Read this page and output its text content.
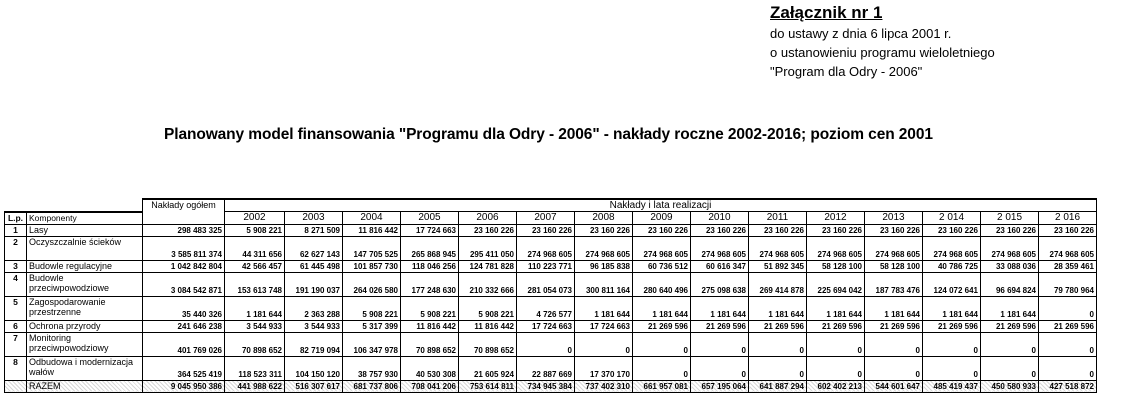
Załącznik nr 1
do ustawy z dnia 6 lipca 2001 r.
o ustanowieniu programu wieloletniego
"Program dla Odry - 2006"
Planowany model finansowania "Programu dla Odry - 2006" - nakłady roczne 2002-2016; poziom cen 2001
		Nakłady ogółem	Nakłady i lata realizacji														
L.p.	Komponenty		2002	2003	2004	2005	2006	2007	2008	2009	2010	2011	2012	2013	2 014	2 015	2 016
1	Lasy	298 483 325	5 908 221	8 271 509	11 816 442	17 724 663	23 160 226	23 160 226	23 160 226	23 160 226	23 160 226	23 160 226	23 160 226	23 160 226	23 160 226	23 160 226	23 160 226
2	Oczyszczalnie ścieków	3 585 811 374	44 311 656	62 627 143	147 705 525	265 868 945	295 411 050	274 968 605	274 968 605	274 968 605	274 968 605	274 968 605	274 968 605	274 968 605	274 968 605	274 968 605	274 968 605
3	Budowle regulacyjne	1 042 842 804	42 566 457	61 445 498	101 857 730	118 046 256	124 781 828	110 223 771	96 185 838	60 736 512	60 616 347	51 892 345	58 128 100	58 128 100	40 786 725	33 088 036	28 359 461
4	Budowle przeciwpowodziowe	3 084 542 871	153 613 748	191 190 037	264 026 580	177 248 630	210 332 666	281 054 073	300 811 164	280 640 496	275 098 638	269 414 878	225 694 042	187 783 476	124 072 641	96 694 824	79 780 964
5	Zagospodarowanie przestrzenne	35 440 326	1 181 644	2 363 288	5 908 221	5 908 221	5 908 221	4 726 577	1 181 644	1 181 644	1 181 644	1 181 644	1 181 644	1 181 644	1 181 644	1 181 644	0
6	Ochrona przyrody	241 646 238	3 544 933	3 544 933	5 317 399	11 816 442	11 816 442	17 724 663	17 724 663	21 269 596	21 269 596	21 269 596	21 269 596	21 269 596	21 269 596	21 269 596	21 269 596
7	Monitoring przeciwpowodziowy	401 769 026	70 898 652	82 719 094	106 347 978	70 898 652	70 898 652	0	0	0	0	0	0	0	0	0	0
8	Odbudowa i modernizacja wałów	364 525 419	118 523 311	104 150 120	38 757 930	40 530 308	21 605 924	22 887 669	17 370 170	0	0	0	0	0	0	0	0
	RAZEM	9 045 950 386	441 988 622	516 307 617	681 737 806	708 041 206	753 614 811	734 945 384	737 402 310	661 957 081	657 195 064	641 887 294	602 402 213	544 601 647	485 419 437	450 580 933	427 518 872
